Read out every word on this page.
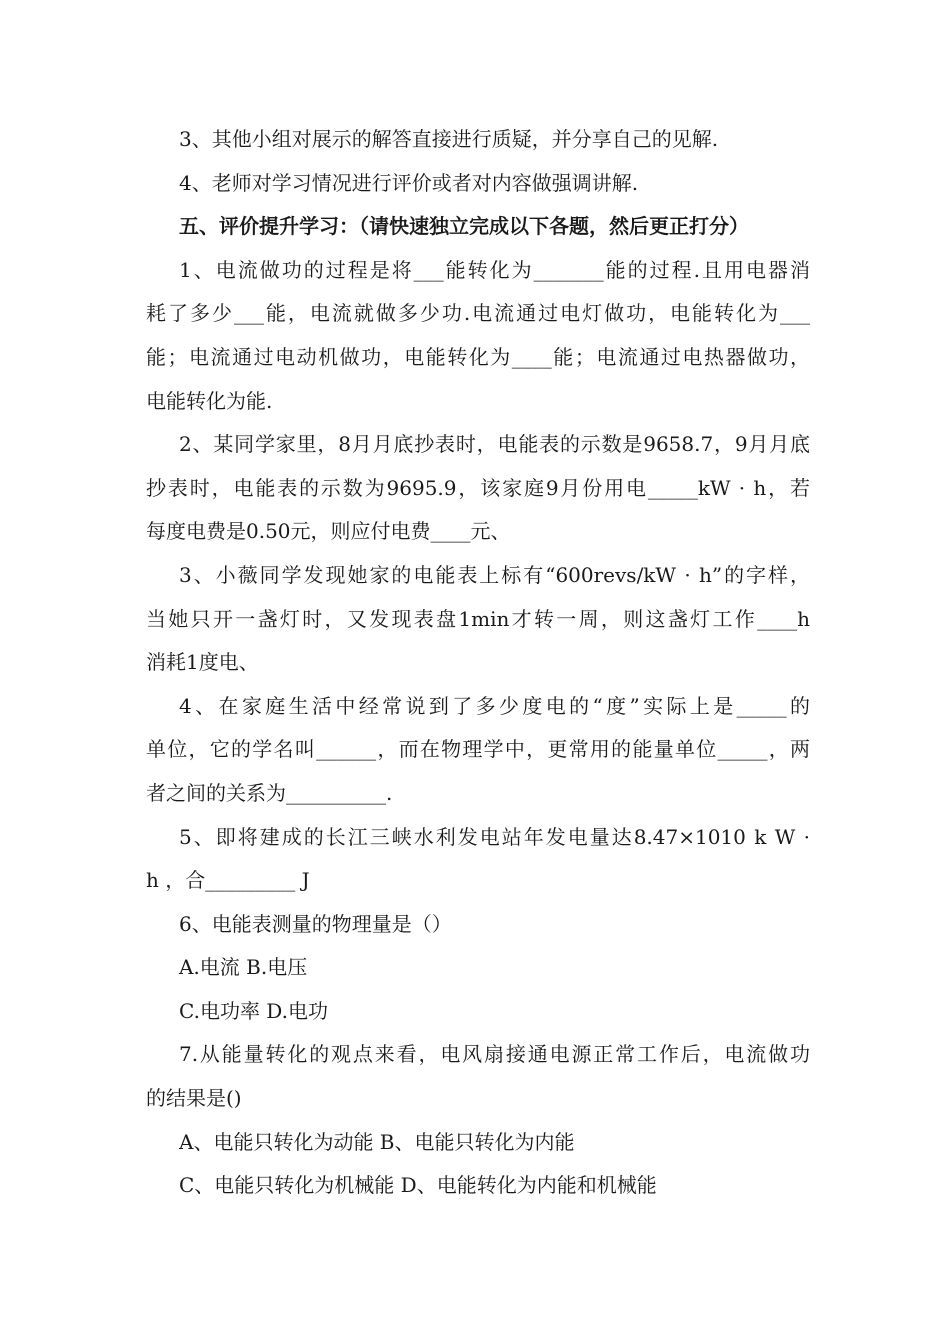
3、其他小组对展示的解答直接进行质疑，并分享自己的见解.

4、老师对学习情况进行评价或者对内容做强调讲解.

五、评价提升学习：（请快速独立完成以下各题，然后更正打分）

1、电流做功的过程是将___能转化为_______能的过程.且用电器消

耗了多少___能，电流就做多少功.电流通过电灯做功，电能转化为___

能；电流通过电动机做功，电能转化为____能；电流通过电热器做功，

电能转化为能.

2、某同学家里，8月月底抄表时，电能表的示数是9658.7，9月月底

抄表时，电能表的示数为9695.9，该家庭9月份用电_____kW · h，若

每度电费是0.50元，则应付电费____元、

3、小薇同学发现她家的电能表上标有“600revs/kW · h”的字样，

当她只开一盏灯时，又发现表盘1min才转一周，则这盏灯工作____h

消耗1度电、

4、在家庭生活中经常说到了多少度电的“度”实际上是_____的

单位，它的学名叫______，而在物理学中，更常用的能量单位_____，两

者之间的关系为__________.

5、即将建成的长江三峡水利发电站年发电量达8.47×1010 k W ·

h ，合_________ J

6、电能表测量的物理量是（）

A.电流 B.电压

C.电功率 D.电功

7.从能量转化的观点来看，电风扇接通电源正常工作后，电流做功

的结果是()

A、电能只转化为动能 B、电能只转化为内能

C、电能只转化为机械能 D、电能转化为内能和机械能
